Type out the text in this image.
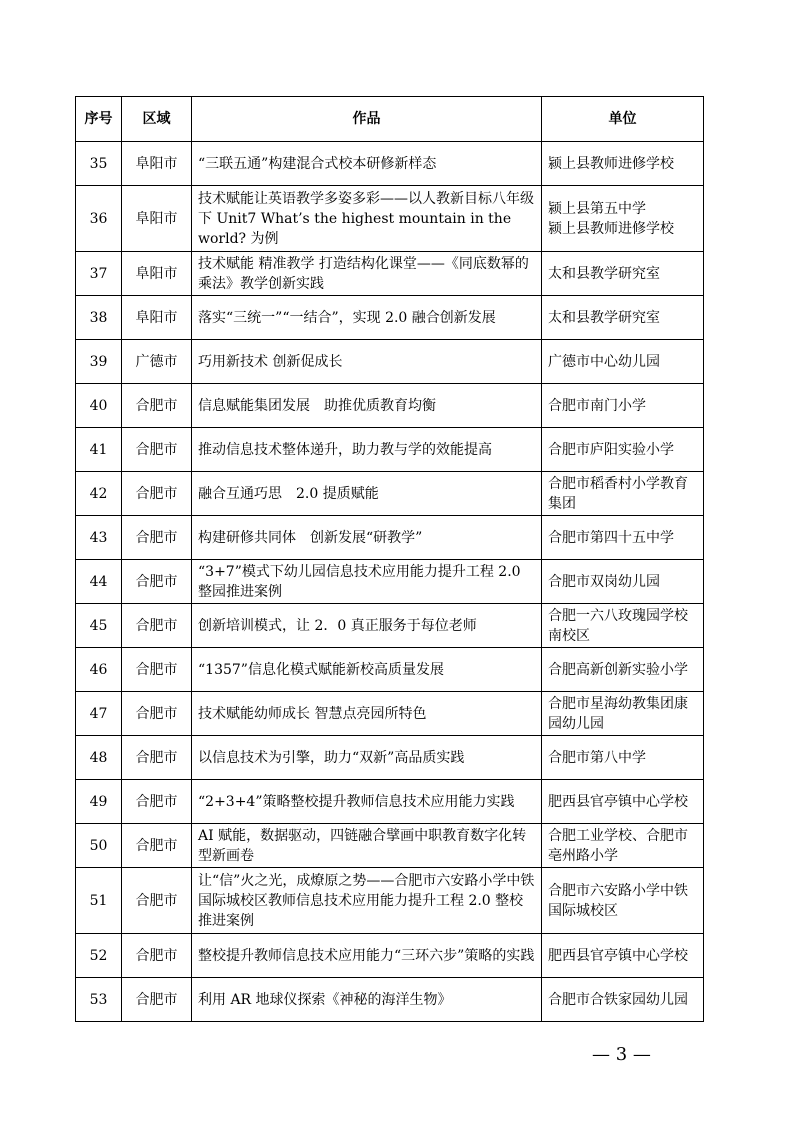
序号	区域	作品	单位
35	阜阳市	“三联五通”构建混合式校本研修新样态	颍上县教师进修学校
36	阜阳市	技术赋能让英语教学多姿多彩——以人教新目标八年级下 Unit7 What’s the highest mountain in the world? 为例	颍上县第五中学
颍上县教师进修学校
37	阜阳市	技术赋能 精准教学 打造结构化课堂——《同底数幂的乘法》教学创新实践	太和县教学研究室
38	阜阳市	落实“三统一”“一结合”，实现 2.0 融合创新发展	太和县教学研究室
39	广德市	巧用新技术 创新促成长	广德市中心幼儿园
40	合肥市	信息赋能集团发展　助推优质教育均衡	合肥市南门小学
41	合肥市	推动信息技术整体递升，助力教与学的效能提高	合肥市庐阳实验小学
42	合肥市	融合互通巧思　2.0 提质赋能	合肥市稻香村小学教育集团
43	合肥市	构建研修共同体　创新发展“研教学”	合肥市第四十五中学
44	合肥市	“3+7”模式下幼儿园信息技术应用能力提升工程 2.0 整园推进案例	合肥市双岗幼儿园
45	合肥市	创新培训模式，让 2．0 真正服务于每位老师	合肥一六八玫瑰园学校南校区
46	合肥市	“1357”信息化模式赋能新校高质量发展	合肥高新创新实验小学
47	合肥市	技术赋能幼师成长 智慧点亮园所特色	合肥市星海幼教集团康园幼儿园
48	合肥市	以信息技术为引擎，助力“双新”高品质实践	合肥市第八中学
49	合肥市	“2+3+4”策略整校提升教师信息技术应用能力实践	肥西县官亭镇中心学校
50	合肥市	AI 赋能，数据驱动，四链融合擘画中职教育数字化转型新画卷	合肥工业学校、合肥市亳州路小学
51	合肥市	让“信”火之光，成燎原之势——合肥市六安路小学中铁国际城校区教师信息技术应用能力提升工程 2.0 整校推进案例	合肥市六安路小学中铁国际城校区
52	合肥市	整校提升教师信息技术应用能力“三环六步”策略的实践	肥西县官亭镇中心学校
53	合肥市	利用 AR 地球仪探索《神秘的海洋生物》	合肥市合铁家园幼儿园
— 3 —
